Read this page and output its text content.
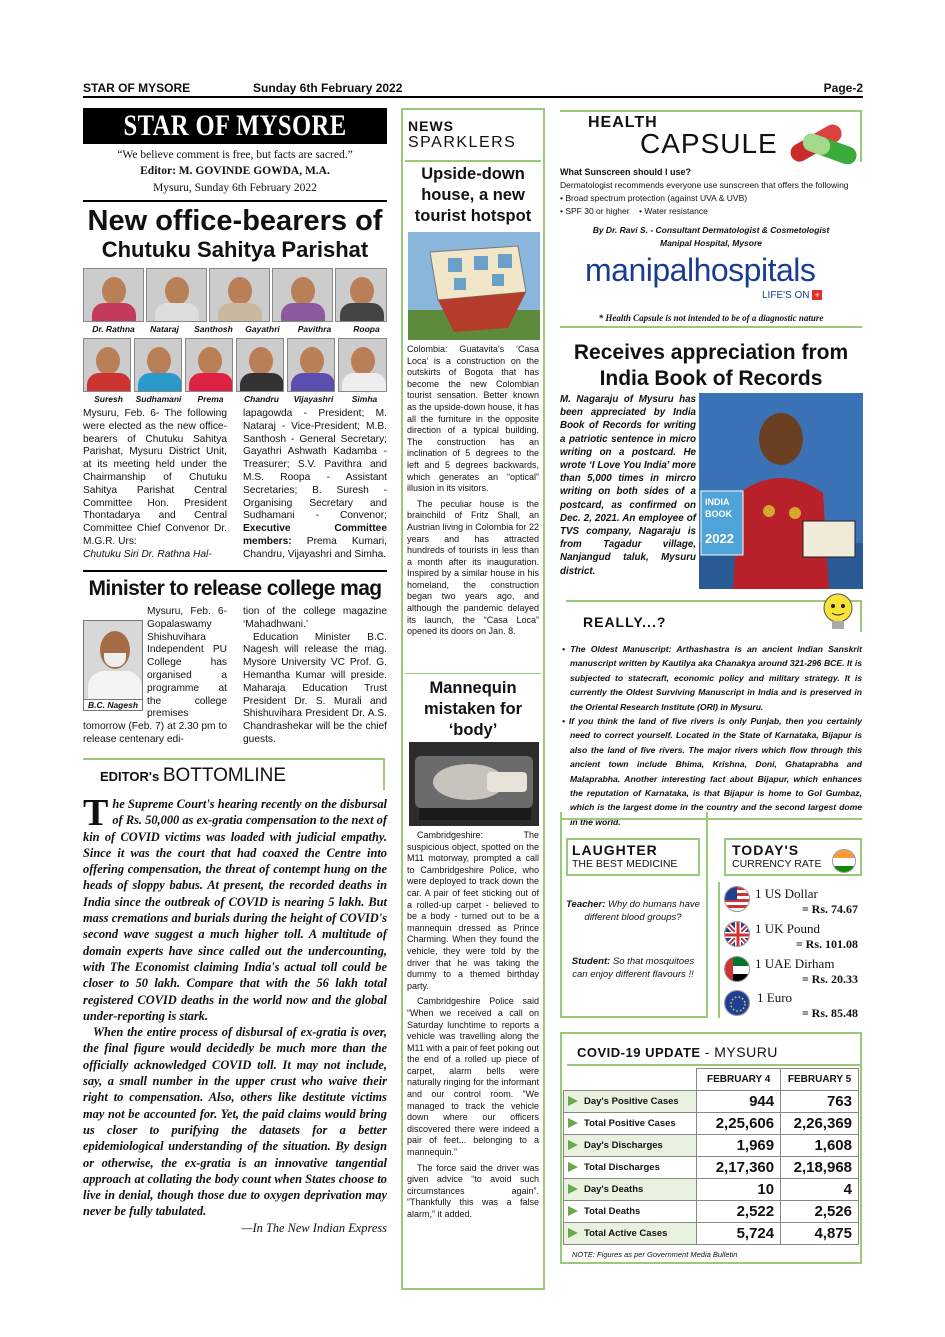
STAR OF MYSORE	Sunday 6th February 2022	Page-2
STAR OF MYSORE
“We believe comment is free, but facts are sacred.”
Editor: M. GOVINDE GOWDA, M.A.
Mysuru, Sunday 6th February 2022
New office-bearers of
Chutuku Sahitya Parishat
Dr. Rathna	Nataraj	Santhosh	Gayathri	Pavithra	Roopa
Suresh	Sudhamani	Prema	Chandru	Vijayashri	Simha
Mysuru, Feb. 6- The following were elected as the new office-bearers of Chutuku Sahitya Parishat, Mysuru District Unit, at its meeting held under the Chairmanship of Chutuku Sahitya Parishat Central Committee Hon. President Thontadarya and Central Committee Chief Convenor Dr. M.G.R. Urs:
Chutuku Siri Dr. Rathna Hal-
lapagowda - President; M. Nataraj - Vice-President; M.B. Santhosh - General Secretary; Gayathri Ashwath Kadamba - Treasurer; S.V. Pavithra and M.S. Roopa - Assistant Secretaries; B. Suresh - Organising Secretary and Sudhamani - Convenor; Executive Committee members: Prema Kumari, Chandru, Vijayashri and Simha.
Minister to release college mag
B.C. Nagesh
Mysuru, Feb. 6- Gopalaswamy Shishuvihara Independent PU College has organised a programme at the college premises tomorrow (Feb. 7) at 2.30 pm to release centenary edi-
tion of the college magazine ‘Mahadhwani.’
Education Minister B.C. Nagesh will release the mag. Mysore University VC Prof. G. Hemantha Kumar will preside. Maharaja Education Trust President Dr. S. Murali and Shishuvihara President Dr. A.S. Chandrashekar will be the chief guests.
EDITOR's BOTTOMLINE
T he Supreme Court's hearing recently on the disbursal of Rs. 50,000 as ex-gratia compensation to the next of kin of COVID victims was loaded with judicial empathy. Since it was the court that had coaxed the Centre into offering compensation, the threat of contempt hung on the heads of sloppy babus. At present, the recorded deaths in India since the outbreak of COVID is nearing 5 lakh. But mass cremations and burials during the height of COVID's second wave suggest a much higher toll. A multitude of domain experts have since called out the undercounting, with The Economist claiming India's actual toll could be closer to 50 lakh. Compare that with the 56 lakh total registered COVID deaths in the world now and the global under-reporting is stark.
When the entire process of disbursal of ex-gratia is over, the final figure would decidedly be much more than the officially acknowledged COVID toll. It may not include, say, a small number in the upper crust who waive their right to compensation. Also, others like destitute victims may not be accounted for. Yet, the paid claims would bring us closer to purifying the datasets for a better epidemiological understanding of the situation. By design or otherwise, the ex-gratia is an innovative tangential approach at collating the body count when States choose to live in denial, though those due to oxygen deprivation may never be fully tabulated.
—In The New Indian Express
NEWS
SPARKLERS
Upside-down house, a new tourist hotspot
Colombia: Guatavita's ‘Casa Loca’ is a construction on the outskirts of Bogota that has become the new Colombian tourist sensation. Better known as the upside-down house, it has all the furniture in the opposite direction of a typical building. The construction has an inclination of 5 degrees to the left and 5 degrees backwards, which generates an “optical” illusion in its visitors.
The peculiar house is the brainchild of Fritz Shall, an Austrian living in Colombia for 22 years and has attracted hundreds of tourists in less than a month after its inauguration. Inspired by a similar house in his homeland, the construction began two years ago, and although the pandemic delayed its launch, the “Casa Loca” opened its doors on Jan. 8.
Mannequin mistaken for ‘body’
Cambridgeshire: The suspicious object, spotted on the M11 motorway, prompted a call to Cambridgeshire Police, who were deployed to track down the car. A pair of feet sticking out of a rolled-up carpet - believed to be a body - turned out to be a mannequin dressed as Prince Charming. When they found the vehicle, they were told by the driver that he was taking the dummy to a themed birthday party.
Cambridgeshire Police said “When we received a call on Saturday lunchtime to reports a vehicle was travelling along the M11 with a pair of feet poking out the end of a rolled up piece of carpet, alarm bells were naturally ringing for the informant and our control room. “We managed to track the vehicle down where our officers discovered there were indeed a pair of feet... belonging to a mannequin.”
The force said the driver was given advice “to avoid such circumstances again”. “Thankfully this was a false alarm,” it added.
HEALTH
CAPSULE
What Sunscreen should I use?
Dermatologist recommends everyone use sunscreen that offers the following
• Broad spectrum protection (against UVA & UVB)
• SPF 30 or higher    • Water resistance
By Dr. Ravi S. - Consultant Dermatologist & Cosmetologist
Manipal Hospital, Mysore
manipalhospitals
LIFE'S ON +
* Health Capsule is not intended to be of a diagnostic nature
Receives appreciation from
India Book of Records
M. Nagaraju of Mysuru has been appreciated by India Book of Records for writing a patriotic sentence in micro writing on a postcard. He wrote ‘I Love You India’ more than 5,000 times in mircro writing on both sides of a postcard, as confirmed on Dec. 2, 2021. An employee of TVS company, Nagaraju is from Tagadur village, Nanjangud taluk, Mysuru district.
INDIA
BOOK
2022
REALLY...?
• The Oldest Manuscript: Arthashastra is an ancient Indian Sanskrit manuscript written by Kautilya aka Chanakya around 321-296 BCE. It is subjected to statecraft, economic policy and military strategy. It is currently the Oldest Surviving Manuscript in India and is preserved in the Oriental Research Institute (ORI) in Mysuru.
• If you think the land of five rivers is only Punjab, then you certainly need to correct yourself. Located in the State of Karnataka, Bijapur is also the land of five rivers. The major rivers which flow through this ancient town include Bhima, Krishna, Doni, Ghataprabha and Malaprabha. Another interesting fact about Bijapur, which enhances the reputation of Karnataka, is that Bijapur is home to Gol Gumbaz, which is the largest dome in the country and the second largest dome in the world.
LAUGHTER
THE BEST MEDICINE
Teacher: Why do humans have different blood groups?
Student: So that mosquitoes can enjoy different flavours !!
TODAY'S
CURRENCY RATE
1 US Dollar
= Rs. 74.67
1 UK Pound
= Rs. 101.08
1 UAE Dirham
= Rs. 20.33
1 Euro
= Rs. 85.48
COVID-19 UPDATE - MYSURU
	FEBRUARY 4	FEBRUARY 5
Day's Positive Cases	944	763
Total Positive Cases	2,25,606	2,26,369
Day's Discharges	1,969	1,608
Total Discharges	2,17,360	2,18,968
Day's Deaths	10	4
Total Deaths	2,522	2,526
Total Active Cases	5,724	4,875
NOTE: Figures as per Government Media Bulletin
